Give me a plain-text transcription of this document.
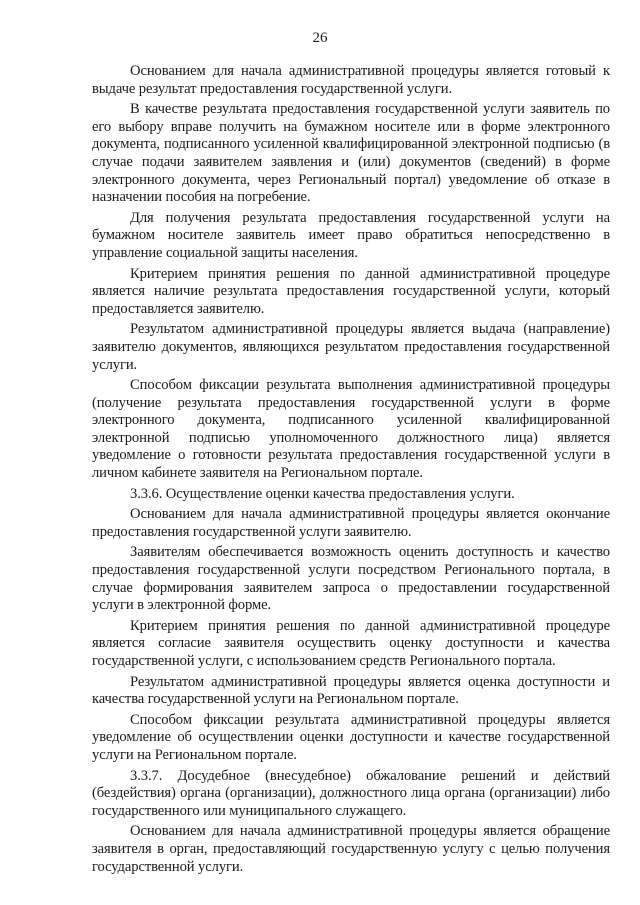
26

Основанием для начала административной процедуры является готовый к выдаче результат предоставления государственной услуги.

В качестве результата предоставления государственной услуги заявитель по его выбору вправе получить на бумажном носителе или в форме электронного документа, подписанного усиленной квалифицированной электронной подписью (в случае подачи заявителем заявления и (или) документов (сведений) в форме электронного документа, через Региональный портал) уведомление об отказе в назначении пособия на погребение.

Для получения результата предоставления государственной услуги на бумажном носителе заявитель имеет право обратиться непосредственно в управление социальной защиты населения.

Критерием принятия решения по данной административной процедуре является наличие результата предоставления государственной услуги, который предоставляется заявителю.

Результатом административной процедуры является выдача (направление) заявителю документов, являющихся результатом предоставления государственной услуги.

Способом фиксации результата выполнения административной процедуры (получение результата предоставления государственной услуги в форме электронного документа, подписанного усиленной квалифицированной электронной подписью уполномоченного должностного лица) является уведомление о готовности результата предоставления государственной услуги в личном кабинете заявителя на Региональном портале.

3.3.6. Осуществление оценки качества предоставления услуги.

Основанием для начала административной процедуры является окончание предоставления государственной услуги заявителю.

Заявителям обеспечивается возможность оценить доступность и качество предоставления государственной услуги посредством Регионального портала, в случае формирования заявителем запроса о предоставлении государственной услуги в электронной форме.

Критерием принятия решения по данной административной процедуре является согласие заявителя осуществить оценку доступности и качества государственной услуги, с использованием средств Регионального портала.

Результатом административной процедуры является оценка доступности и качества государственной услуги на Региональном портале.

Способом фиксации результата административной процедуры является уведомление об осуществлении оценки доступности и качестве государственной услуги на Региональном портале.

3.3.7. Досудебное (внесудебное) обжалование решений и действий (бездействия) органа (организации), должностного лица органа (организации) либо государственного или муниципального служащего.

Основанием для начала административной процедуры является обращение заявителя в орган, предоставляющий государственную услугу с целью получения государственной услуги.
